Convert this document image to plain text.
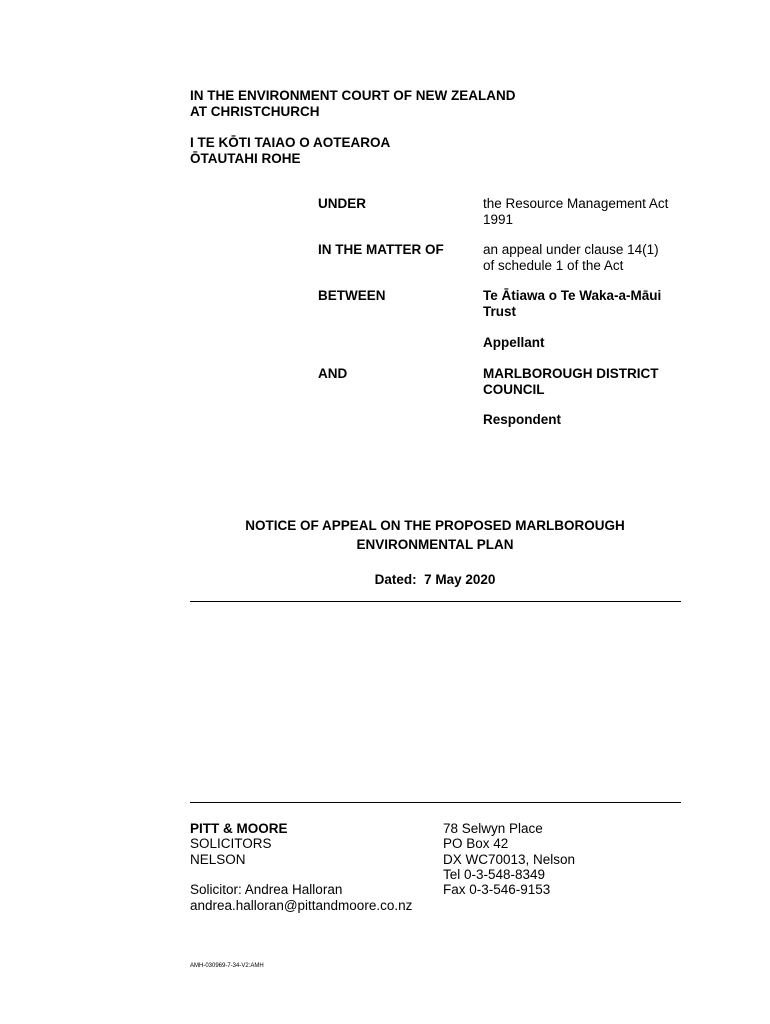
IN THE ENVIRONMENT COURT OF NEW ZEALAND
AT CHRISTCHURCH
I TE KŌTI TAIAO O AOTEAROA
ŌTAUTAHI ROHE
UNDER	the Resource Management Act
1991
IN THE MATTER OF	an appeal under clause 14(1)
of schedule 1 of the Act
BETWEEN	Te Ātiawa o Te Waka-a-Māui
Trust
Appellant
AND	MARLBOROUGH DISTRICT
COUNCIL
Respondent
NOTICE OF APPEAL ON THE PROPOSED MARLBOROUGH
ENVIRONMENTAL PLAN
Dated:  7 May 2020
PITT & MOORE
SOLICITORS
NELSON
Solicitor: Andrea Halloran
andrea.halloran@pittandmoore.co.nz
78 Selwyn Place
PO Box 42
DX WC70013, Nelson
Tel 0-3-548-8349
Fax 0-3-546-9153
AMH-030969-7-34-V2:AMH
